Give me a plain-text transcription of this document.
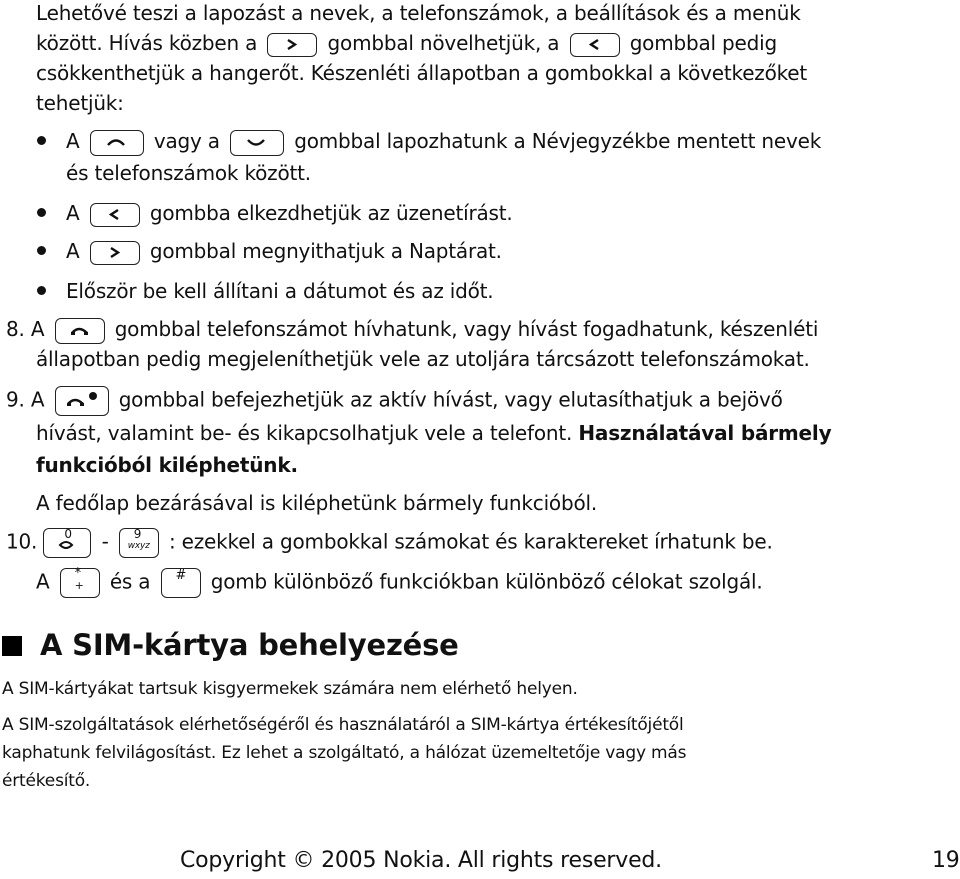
Lehetővé teszi a lapozást a nevek, a telefonszámok, a beállítások és a menük
között. Hívás közben a	gombbal növelhetjük, a	gombbal pedig
csökkenthetjük a hangerőt. Készenléti állapotban a gombokkal a következőket
tehetjük:
A	vagy a	gombbal lapozhatunk a Névjegyzékbe mentett nevek
és telefonszámok között.
A	gombba elkezdhetjük az üzenetírást.
A	gombbal megnyithatjuk a Naptárat.
Először be kell állítani a dátumot és az időt.
8. A	gombbal telefonszámot hívhatunk, vagy hívást fogadhatunk, készenléti
állapotban pedig megjeleníthetjük vele az utoljára tárcsázott telefonszámokat.
9. A	gombbal befejezhetjük az aktív hívást, vagy elutasíthatjuk a bejövő
hívást, valamint be- és kikapcsolhatjuk vele a telefont. Használatával bármely
funkcióból kiléphetünk.
A fedőlap bezárásával is kiléphetünk bármely funkcióból.
10. 0 - 9
wxyz : ezekkel a gombokkal számokat és karaktereket írhatunk be.
A *
+ és a # gomb különböző funkciókban különböző célokat szolgál.
A SIM-kártya behelyezése
A SIM-kártyákat tartsuk kisgyermekek számára nem elérhető helyen.
A SIM-szolgáltatások elérhetőségéről és használatáról a SIM-kártya értékesítőjétől
kaphatunk felvilágosítást. Ez lehet a szolgáltató, a hálózat üzemeltetője vagy más
értékesítő.
Copyright © 2005 Nokia. All rights reserved.	19
